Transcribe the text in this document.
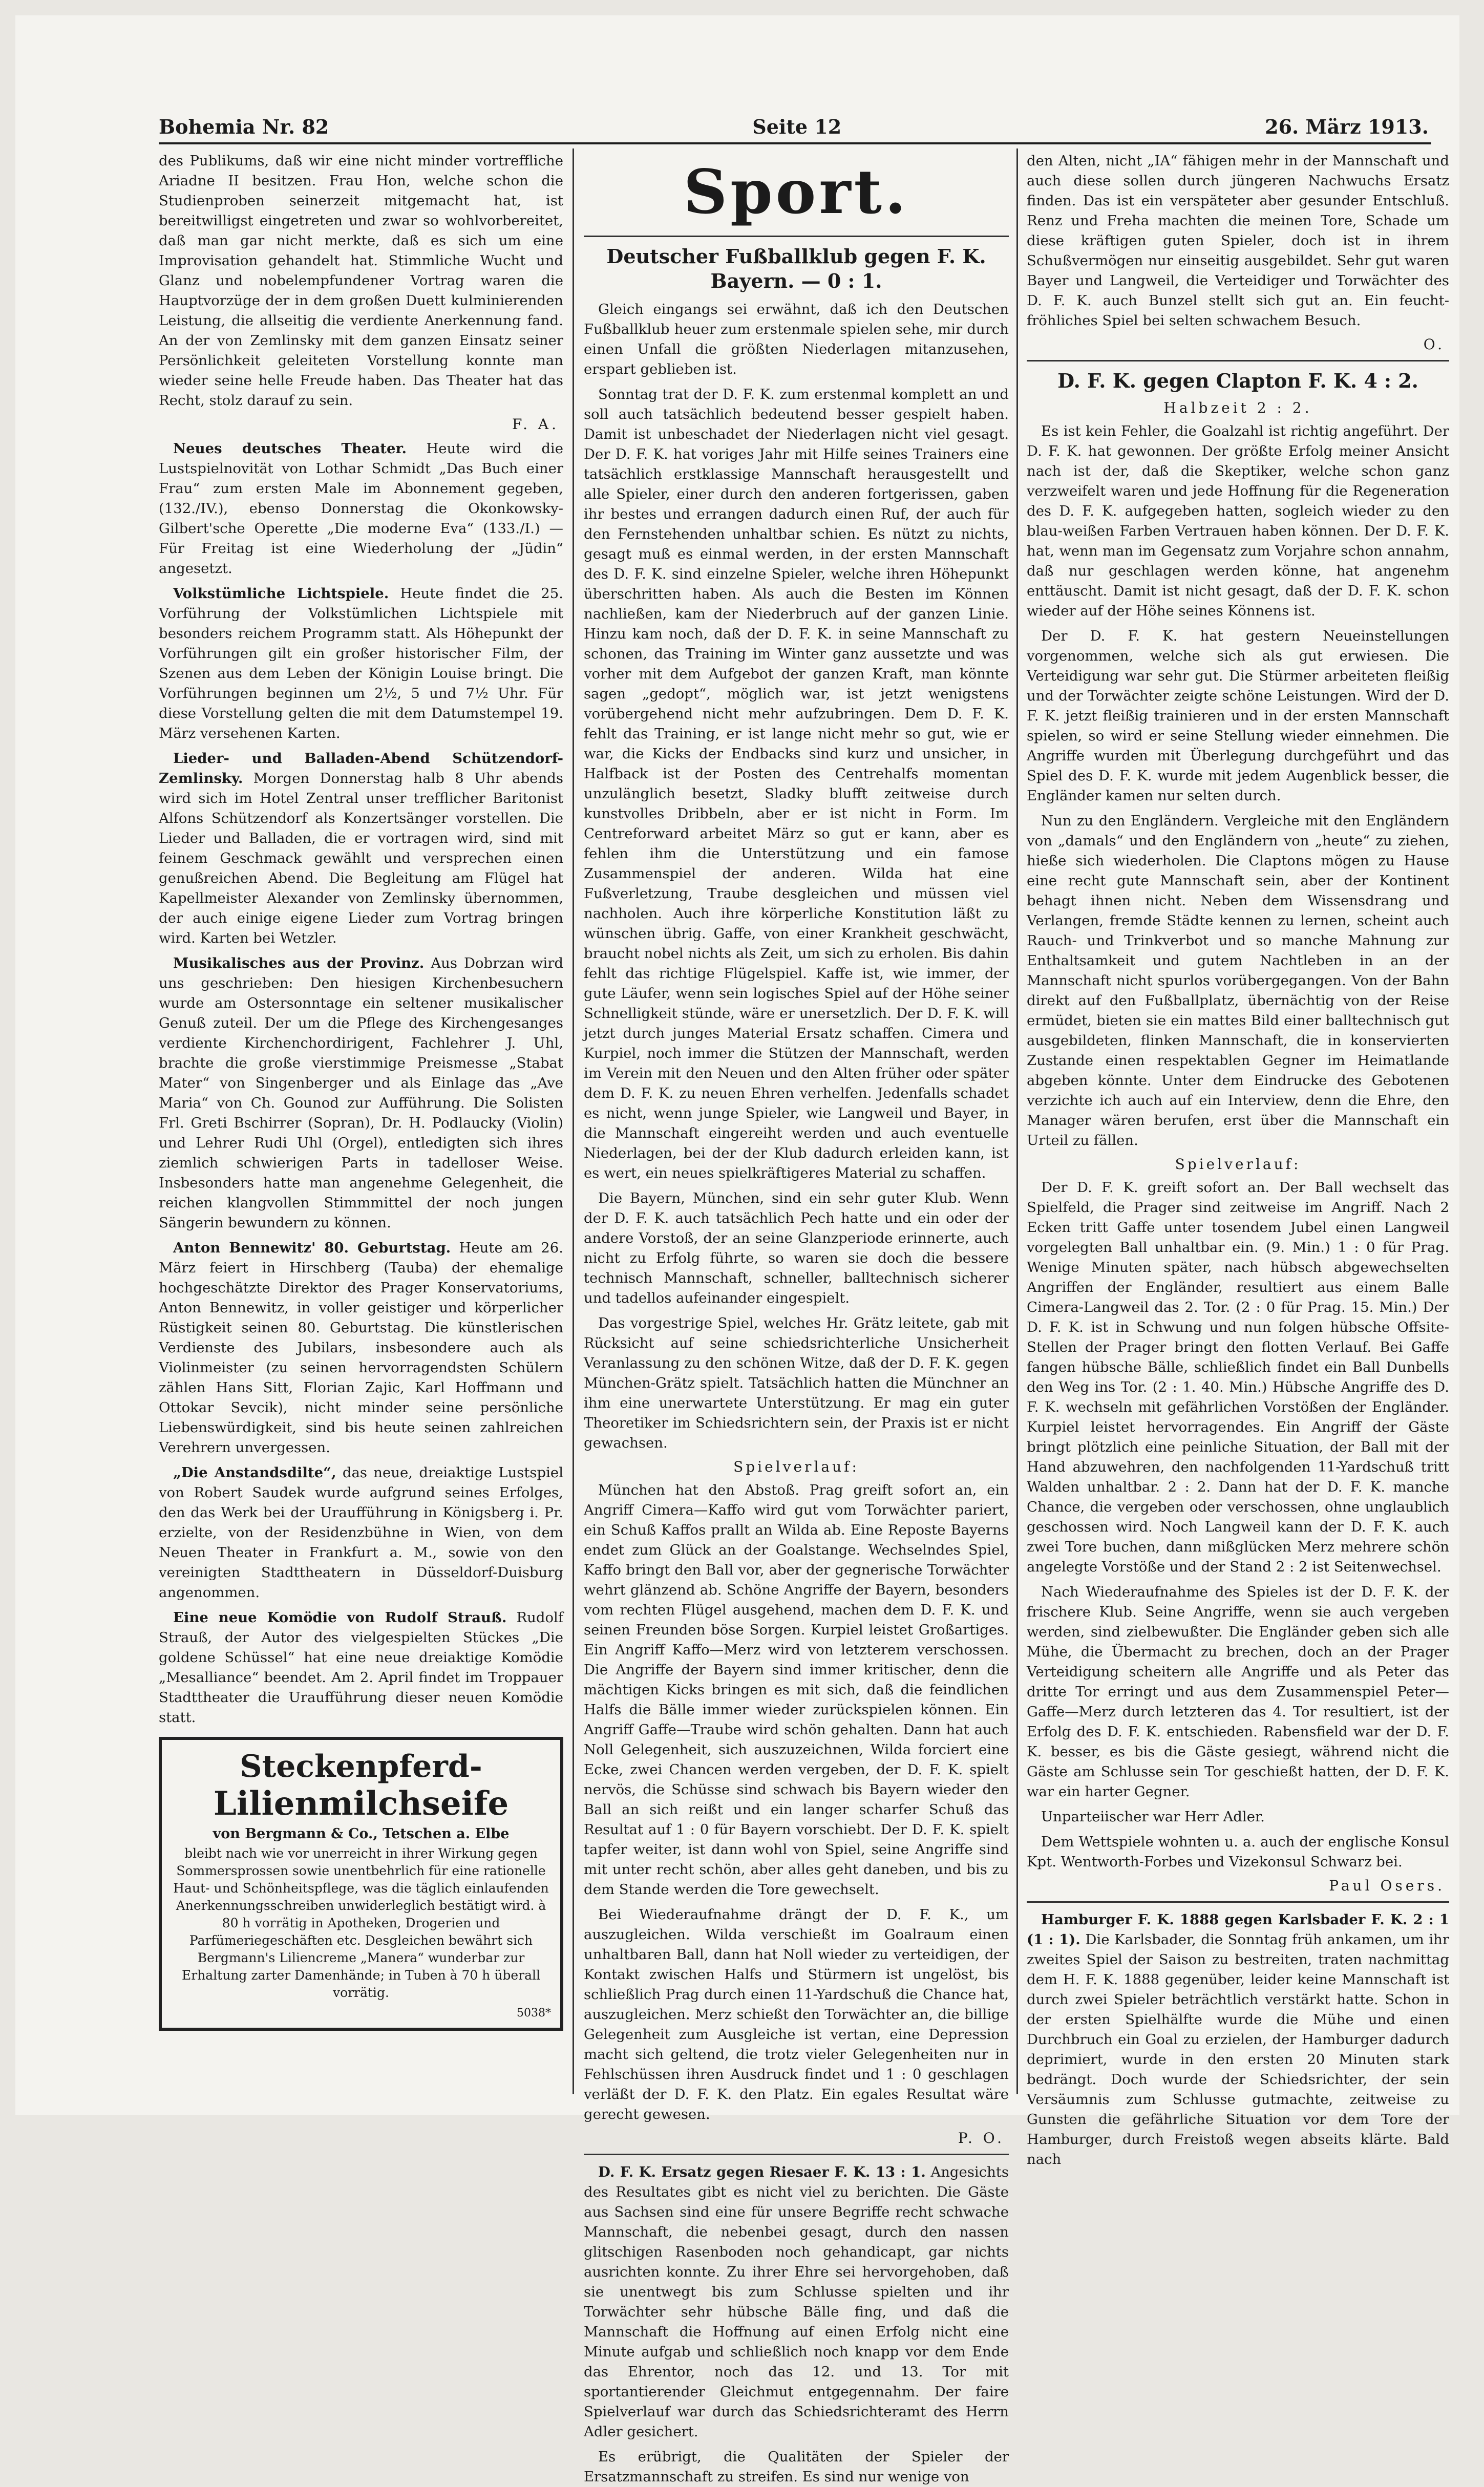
Bohemia Nr. 82	Seite 12	26. März 1913.

des Publikums, daß wir eine nicht minder vortreffliche Ariadne II besitzen. Frau Hon, welche schon die Studienproben seinerzeit mitgemacht hat, ist bereitwilligst eingetreten und zwar so wohlvorbereitet, daß man gar nicht merkte, daß es sich um eine Improvisation gehandelt hat. Stimmliche Wucht und Glanz und nobelempfundener Vortrag waren die Hauptvorzüge der in dem großen Duett kulminierenden Leistung, die allseitig die verdiente Anerkennung fand. An der von Zemlinsky mit dem ganzen Einsatz seiner Persönlichkeit geleiteten Vorstellung konnte man wieder seine helle Freude haben. Das Theater hat das Recht, stolz darauf zu sein.

F. A.

Neues deutsches Theater. Heute wird die Lustspielnovität von Lothar Schmidt „Das Buch einer Frau“ zum ersten Male im Abonnement gegeben, (132./IV.), ebenso Donnerstag die Okonkowsky-Gilbert'sche Operette „Die moderne Eva“ (133./I.) — Für Freitag ist eine Wiederholung der „Jüdin“ angesetzt.

Volkstümliche Lichtspiele. Heute findet die 25. Vorführung der Volkstümlichen Lichtspiele mit besonders reichem Programm statt. Als Höhepunkt der Vorführungen gilt ein großer historischer Film, der Szenen aus dem Leben der Königin Louise bringt. Die Vorführungen beginnen um 2½, 5 und 7½ Uhr. Für diese Vorstellung gelten die mit dem Datumstempel 19. März versehenen Karten.

Lieder- und Balladen-Abend Schützendorf-Zemlinsky. Morgen Donnerstag halb 8 Uhr abends wird sich im Hotel Zentral unser trefflicher Baritonist Alfons Schützendorf als Konzertsänger vorstellen. Die Lieder und Balladen, die er vortragen wird, sind mit feinem Geschmack gewählt und versprechen einen genußreichen Abend. Die Begleitung am Flügel hat Kapellmeister Alexander von Zemlinsky übernommen, der auch einige eigene Lieder zum Vortrag bringen wird. Karten bei Wetzler.

Musikalisches aus der Provinz. Aus Dobrzan wird uns geschrieben: Den hiesigen Kirchenbesuchern wurde am Ostersonntage ein seltener musikalischer Genuß zuteil. Der um die Pflege des Kirchengesanges verdiente Kirchenchordirigent, Fachlehrer J. Uhl, brachte die große vierstimmige Preismesse „Stabat Mater“ von Singenberger und als Einlage das „Ave Maria“ von Ch. Gounod zur Aufführung. Die Solisten Frl. Greti Bschirrer (Sopran), Dr. H. Podlaucky (Violin) und Lehrer Rudi Uhl (Orgel), entledigten sich ihres ziemlich schwierigen Parts in tadelloser Weise. Insbesonders hatte man angenehme Gelegenheit, die reichen klangvollen Stimmmittel der noch jungen Sängerin bewundern zu können.

Anton Bennewitz' 80. Geburtstag. Heute am 26. März feiert in Hirschberg (Tauba) der ehemalige hochgeschätzte Direktor des Prager Konservatoriums, Anton Bennewitz, in voller geistiger und körperlicher Rüstigkeit seinen 80. Geburtstag. Die künstlerischen Verdienste des Jubilars, insbesondere auch als Violinmeister (zu seinen hervorragendsten Schülern zählen Hans Sitt, Florian Zajic, Karl Hoffmann und Ottokar Sevcik), nicht minder seine persönliche Liebenswürdigkeit, sind bis heute seinen zahlreichen Verehrern unvergessen.

„Die Anstandsdilte“, das neue, dreiaktige Lustspiel von Robert Saudek wurde aufgrund seines Erfolges, den das Werk bei der Uraufführung in Königsberg i. Pr. erzielte, von der Residenzbühne in Wien, von dem Neuen Theater in Frankfurt a. M., sowie von den vereinigten Stadttheatern in Düsseldorf-Duisburg angenommen.

Eine neue Komödie von Rudolf Strauß. Rudolf Strauß, der Autor des vielgespielten Stückes „Die goldene Schüssel“ hat eine neue dreiaktige Komödie „Mesalliance“ beendet. Am 2. April findet im Troppauer Stadttheater die Uraufführung dieser neuen Komödie statt.

Steckenpferd-
Lilienmilchseife
von Bergmann & Co., Tetschen a. Elbe

bleibt nach wie vor unerreicht in ihrer Wirkung gegen Sommersprossen sowie unentbehrlich für eine rationelle Haut- und Schönheitspflege, was die täglich einlaufenden Anerkennungsschreiben unwiderleglich bestätigt wird. à 80 h vorrätig in Apotheken, Drogerien und Parfümeriegeschäften etc. Desgleichen bewährt sich Bergmann's Liliencreme „Manera“ wunderbar zur Erhaltung zarter Damenhände; in Tuben à 70 h überall vorrätig.

5038*
Sport.
Deutscher Fußballklub gegen F. K. Bayern. — 0 : 1.

Gleich eingangs sei erwähnt, daß ich den Deutschen Fußballklub heuer zum erstenmale spielen sehe, mir durch einen Unfall die größten Niederlagen mitanzusehen, erspart geblieben ist.

Sonntag trat der D. F. K. zum erstenmal komplett an und soll auch tatsächlich bedeutend besser gespielt haben. Damit ist unbeschadet der Niederlagen nicht viel gesagt. Der D. F. K. hat voriges Jahr mit Hilfe seines Trainers eine tatsächlich erstklassige Mannschaft herausgestellt und alle Spieler, einer durch den anderen fortgerissen, gaben ihr bestes und errangen dadurch einen Ruf, der auch für den Fernstehenden unhaltbar schien. Es nützt zu nichts, gesagt muß es einmal werden, in der ersten Mannschaft des D. F. K. sind einzelne Spieler, welche ihren Höhepunkt überschritten haben. Als auch die Besten im Können nachließen, kam der Niederbruch auf der ganzen Linie. Hinzu kam noch, daß der D. F. K. in seine Mannschaft zu schonen, das Training im Winter ganz aussetzte und was vorher mit dem Aufgebot der ganzen Kraft, man könnte sagen „gedopt“, möglich war, ist jetzt wenigstens vorübergehend nicht mehr aufzubringen. Dem D. F. K. fehlt das Training, er ist lange nicht mehr so gut, wie er war, die Kicks der Endbacks sind kurz und unsicher, in Halfback ist der Posten des Centrehalfs momentan unzulänglich besetzt, Sladky blufft zeitweise durch kunstvolles Dribbeln, aber er ist nicht in Form. Im Centreforward arbeitet März so gut er kann, aber es fehlen ihm die Unterstützung und ein famose Zusammenspiel der anderen. Wilda hat eine Fußverletzung, Traube desgleichen und müssen viel nachholen. Auch ihre körperliche Konstitution läßt zu wünschen übrig. Gaffe, von einer Krankheit geschwächt, braucht nobel nichts als Zeit, um sich zu erholen. Bis dahin fehlt das richtige Flügelspiel. Kaffe ist, wie immer, der gute Läufer, wenn sein logisches Spiel auf der Höhe seiner Schnelligkeit stünde, wäre er unersetzlich. Der D. F. K. will jetzt durch junges Material Ersatz schaffen. Cimera und Kurpiel, noch immer die Stützen der Mannschaft, werden im Verein mit den Neuen und den Alten früher oder später dem D. F. K. zu neuen Ehren verhelfen. Jedenfalls schadet es nicht, wenn junge Spieler, wie Langweil und Bayer, in die Mannschaft eingereiht werden und auch eventuelle Niederlagen, bei der der Klub dadurch erleiden kann, ist es wert, ein neues spielkräftigeres Material zu schaffen.

Die Bayern, München, sind ein sehr guter Klub. Wenn der D. F. K. auch tatsächlich Pech hatte und ein oder der andere Vorstoß, der an seine Glanzperiode erinnerte, auch nicht zu Erfolg führte, so waren sie doch die bessere technisch Mannschaft, schneller, balltechnisch sicherer und tadellos aufeinander eingespielt.

Das vorgestrige Spiel, welches Hr. Grätz leitete, gab mit Rücksicht auf seine schiedsrichterliche Unsicherheit Veranlassung zu den schönen Witze, daß der D. F. K. gegen München-Grätz spielt. Tatsächlich hatten die Münchner an ihm eine unerwartete Unterstützung. Er mag ein guter Theoretiker im Schiedsrichtern sein, der Praxis ist er nicht gewachsen.

Spielverlauf:

München hat den Abstoß. Prag greift sofort an, ein Angriff Cimera—Kaffo wird gut vom Torwächter pariert, ein Schuß Kaffos prallt an Wilda ab. Eine Reposte Bayerns endet zum Glück an der Goalstange. Wechselndes Spiel, Kaffo bringt den Ball vor, aber der gegnerische Torwächter wehrt glänzend ab. Schöne Angriffe der Bayern, besonders vom rechten Flügel ausgehend, machen dem D. F. K. und seinen Freunden böse Sorgen. Kurpiel leistet Großartiges. Ein Angriff Kaffo—Merz wird von letzterem verschossen. Die Angriffe der Bayern sind immer kritischer, denn die mächtigen Kicks bringen es mit sich, daß die feindlichen Halfs die Bälle immer wieder zurückspielen können. Ein Angriff Gaffe—Traube wird schön gehalten. Dann hat auch Noll Gelegenheit, sich auszuzeichnen, Wilda forciert eine Ecke, zwei Chancen werden vergeben, der D. F. K. spielt nervös, die Schüsse sind schwach bis Bayern wieder den Ball an sich reißt und ein langer scharfer Schuß das Resultat auf 1 : 0 für Bayern vorschiebt. Der D. F. K. spielt tapfer weiter, ist dann wohl von Spiel, seine Angriffe sind mit unter recht schön, aber alles geht daneben, und bis zu dem Stande werden die Tore gewechselt.

Bei Wiederaufnahme drängt der D. F. K., um auszugleichen. Wilda verschießt im Goalraum einen unhaltbaren Ball, dann hat Noll wieder zu verteidigen, der Kontakt zwischen Halfs und Stürmern ist ungelöst, bis schließlich Prag durch einen 11-Yardschuß die Chance hat, auszugleichen. Merz schießt den Torwächter an, die billige Gelegenheit zum Ausgleiche ist vertan, eine Depression macht sich geltend, die trotz vieler Gelegenheiten nur in Fehlschüssen ihren Ausdruck findet und 1 : 0 geschlagen verläßt der D. F. K. den Platz. Ein egales Resultat wäre gerecht gewesen.

P. O.

D. F. K. Ersatz gegen Riesaer F. K. 13 : 1. Angesichts des Resultates gibt es nicht viel zu berichten. Die Gäste aus Sachsen sind eine für unsere Begriffe recht schwache Mannschaft, die nebenbei gesagt, durch den nassen glitschigen Rasenboden noch gehandicapt, gar nichts ausrichten konnte. Zu ihrer Ehre sei hervorgehoben, daß sie unentwegt bis zum Schlusse spielten und ihr Torwächter sehr hübsche Bälle fing, und daß die Mannschaft die Hoffnung auf einen Erfolg nicht eine Minute aufgab und schließlich noch knapp vor dem Ende das Ehrentor, noch das 12. und 13. Tor mit sportantierender Gleichmut entgegennahm. Der faire Spielverlauf war durch das Schiedsrichteramt des Herrn Adler gesichert.

Es erübrigt, die Qualitäten der Spieler der Ersatzmannschaft zu streifen. Es sind nur wenige von

den Alten, nicht „IA“ fähigen mehr in der Mannschaft und auch diese sollen durch jüngeren Nachwuchs Ersatz finden. Das ist ein verspäteter aber gesunder Entschluß. Renz und Freha machten die meinen Tore, Schade um diese kräftigen guten Spieler, doch ist in ihrem Schußvermögen nur einseitig ausgebildet. Sehr gut waren Bayer und Langweil, die Verteidiger und Torwächter des D. F. K. auch Bunzel stellt sich gut an. Ein feucht-fröhliches Spiel bei selten schwachem Besuch.

O.
D. F. K. gegen Clapton F. K. 4 : 2.
Halbzeit 2 : 2.

Es ist kein Fehler, die Goalzahl ist richtig angeführt. Der D. F. K. hat gewonnen. Der größte Erfolg meiner Ansicht nach ist der, daß die Skeptiker, welche schon ganz verzweifelt waren und jede Hoffnung für die Regeneration des D. F. K. aufgegeben hatten, sogleich wieder zu den blau-weißen Farben Vertrauen haben können. Der D. F. K. hat, wenn man im Gegensatz zum Vorjahre schon annahm, daß nur geschlagen werden könne, hat angenehm enttäuscht. Damit ist nicht gesagt, daß der D. F. K. schon wieder auf der Höhe seines Könnens ist.

Der D. F. K. hat gestern Neueinstellungen vorgenommen, welche sich als gut erwiesen. Die Verteidigung war sehr gut. Die Stürmer arbeiteten fleißig und der Torwächter zeigte schöne Leistungen. Wird der D. F. K. jetzt fleißig trainieren und in der ersten Mannschaft spielen, so wird er seine Stellung wieder einnehmen. Die Angriffe wurden mit Überlegung durchgeführt und das Spiel des D. F. K. wurde mit jedem Augenblick besser, die Engländer kamen nur selten durch.

Nun zu den Engländern. Vergleiche mit den Engländern von „damals“ und den Engländern von „heute“ zu ziehen, hieße sich wiederholen. Die Claptons mögen zu Hause eine recht gute Mannschaft sein, aber der Kontinent behagt ihnen nicht. Neben dem Wissensdrang und Verlangen, fremde Städte kennen zu lernen, scheint auch Rauch- und Trinkverbot und so manche Mahnung zur Enthaltsamkeit und gutem Nachtleben in an der Mannschaft nicht spurlos vorübergegangen. Von der Bahn direkt auf den Fußballplatz, übernächtig von der Reise ermüdet, bieten sie ein mattes Bild einer balltechnisch gut ausgebildeten, flinken Mannschaft, die in konservierten Zustande einen respektablen Gegner im Heimatlande abgeben könnte. Unter dem Eindrucke des Gebotenen verzichte ich auch auf ein Interview, denn die Ehre, den Manager wären berufen, erst über die Mannschaft ein Urteil zu fällen.

Spielverlauf:

Der D. F. K. greift sofort an. Der Ball wechselt das Spielfeld, die Prager sind zeitweise im Angriff. Nach 2 Ecken tritt Gaffe unter tosendem Jubel einen Langweil vorgelegten Ball unhaltbar ein. (9. Min.) 1 : 0 für Prag. Wenige Minuten später, nach hübsch abgewechselten Angriffen der Engländer, resultiert aus einem Balle Cimera-Langweil das 2. Tor. (2 : 0 für Prag. 15. Min.) Der D. F. K. ist in Schwung und nun folgen hübsche Offsite-Stellen der Prager bringt den flotten Verlauf. Bei Gaffe fangen hübsche Bälle, schließlich findet ein Ball Dunbells den Weg ins Tor. (2 : 1. 40. Min.) Hübsche Angriffe des D. F. K. wechseln mit gefährlichen Vorstößen der Engländer. Kurpiel leistet hervorragendes. Ein Angriff der Gäste bringt plötzlich eine peinliche Situation, der Ball mit der Hand abzuwehren, den nachfolgenden 11-Yardschuß tritt Walden unhaltbar. 2 : 2. Dann hat der D. F. K. manche Chance, die vergeben oder verschossen, ohne unglaublich geschossen wird. Noch Langweil kann der D. F. K. auch zwei Tore buchen, dann mißglücken Merz mehrere schön angelegte Vorstöße und der Stand 2 : 2 ist Seitenwechsel.

Nach Wiederaufnahme des Spieles ist der D. F. K. der frischere Klub. Seine Angriffe, wenn sie auch vergeben werden, sind zielbewußter. Die Engländer geben sich alle Mühe, die Übermacht zu brechen, doch an der Prager Verteidigung scheitern alle Angriffe und als Peter das dritte Tor erringt und aus dem Zusammenspiel Peter—Gaffe—Merz durch letzteren das 4. Tor resultiert, ist der Erfolg des D. F. K. entschieden. Rabensfield war der D. F. K. besser, es bis die Gäste gesiegt, während nicht die Gäste am Schlusse sein Tor geschießt hatten, der D. F. K. war ein harter Gegner.

Unparteiischer war Herr Adler.

Dem Wettspiele wohnten u. a. auch der englische Konsul Kpt. Wentworth-Forbes und Vizekonsul Schwarz bei.

Paul Osers.

Hamburger F. K. 1888 gegen Karlsbader F. K. 2 : 1 (1 : 1). Die Karlsbader, die Sonntag früh ankamen, um ihr zweites Spiel der Saison zu bestreiten, traten nachmittag dem H. F. K. 1888 gegenüber, leider keine Mannschaft ist durch zwei Spieler beträchtlich verstärkt hatte. Schon in der ersten Spielhälfte wurde die Mühe und einen Durchbruch ein Goal zu erzielen, der Hamburger dadurch deprimiert, wurde in den ersten 20 Minuten stark bedrängt. Doch wurde der Schiedsrichter, der sein Versäumnis zum Schlusse gutmachte, zeitweise zu Gunsten die gefährliche Situation vor dem Tore der Hamburger, durch Freistoß wegen abseits klärte. Bald nach
